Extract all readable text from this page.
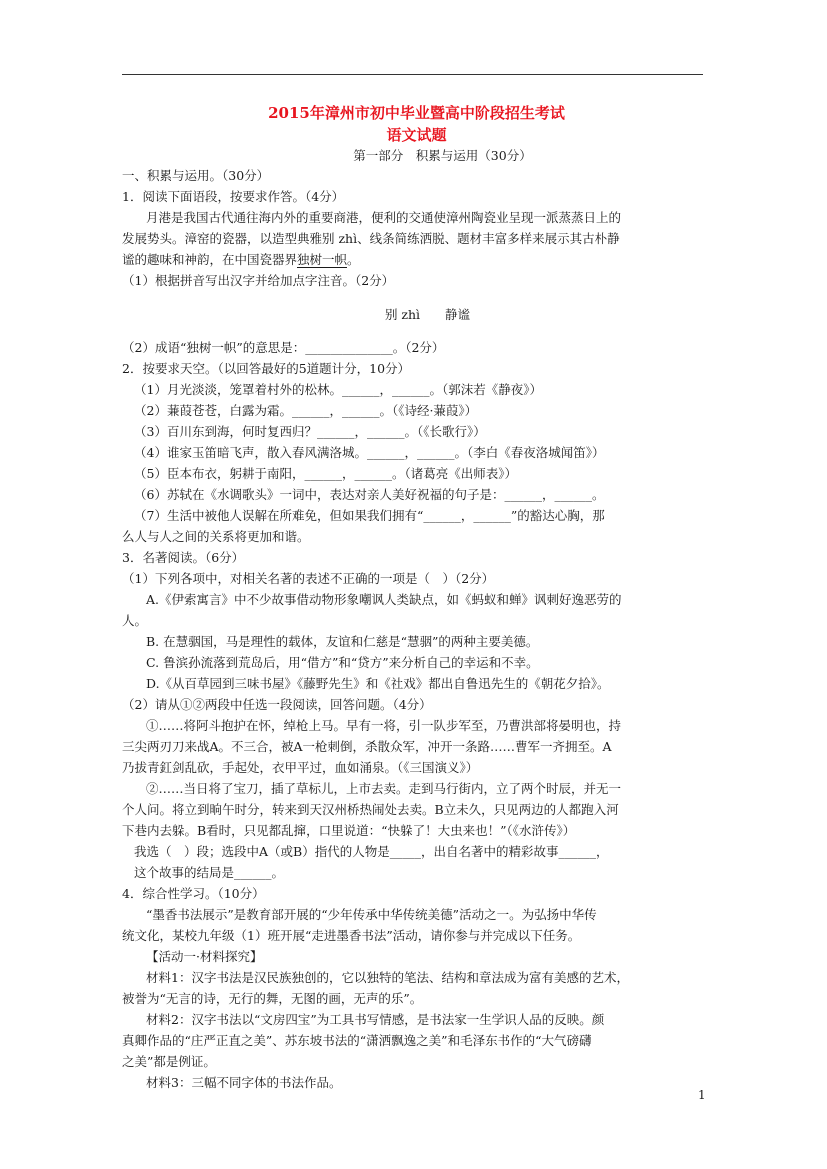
2015年漳州市初中毕业暨高中阶段招生考试
语文试题
第一部分　积累与运用（30分）

一、积累与运用。（30分）

1．阅读下面语段，按要求作答。（4分）

月港是我国古代通往海内外的重要商港，便利的交通使漳州陶瓷业呈现一派蒸蒸日上的

发展势头。漳窑的瓷器，以造型典雅别 zhì、线条简练洒脱、题材丰富多样来展示其古朴静

谧的趣味和神韵，在中国瓷器界独树一帜。

（1）根据拼音写出汉字并给加点字注音。（2分）

别 zhì　　静谧

（2）成语“独树一帜”的意思是：______________。（2分）

2．按要求天空。（以回答最好的5道题计分，10分）

（1）月光淡淡，笼罩着村外的松林。______，______。（郭沫若《静夜》）

（2）蒹葭苍苍，白露为霜。______，______。（《诗经·蒹葭》）

（3）百川东到海，何时复西归？______，______。（《长歌行》）

（4）谁家玉笛暗飞声，散入春风满洛城。______，______。（李白《春夜洛城闻笛》）

（5）臣本布衣，躬耕于南阳，______，______。（诸葛亮《出师表》）

（6）苏轼在《水调歌头》一词中，表达对亲人美好祝福的句子是：______，______。

（7）生活中被他人误解在所难免，但如果我们拥有“______，______”的豁达心胸，那

么人与人之间的关系将更加和谐。

3．名著阅读。（6分）

（1）下列各项中，对相关名著的表述不正确的一项是（　）（2分）

A.《伊索寓言》中不少故事借动物形象嘲讽人类缺点，如《蚂蚁和蝉》讽刺好逸恶劳的

人。

B. 在慧骃国，马是理性的载体，友谊和仁慈是“慧骃”的两种主要美德。

C. 鲁滨孙流落到荒岛后，用“借方”和“贷方”来分析自己的幸运和不幸。

D.《从百草园到三味书屋》《藤野先生》和《社戏》都出自鲁迅先生的《朝花夕拾》。

（2）请从①②两段中任选一段阅读，回答问题。（4分）

①……将阿斗抱护在怀，绰枪上马。早有一将，引一队步军至，乃曹洪部将晏明也，持

三尖两刃刀来战A。不三合，被A一枪刺倒，杀散众军，冲开一条路……曹军一齐拥至。A

乃拔青釭剑乱砍，手起处，衣甲平过，血如涌泉。（《三国演义》）

②……当日将了宝刀，插了草标儿，上市去卖。走到马行街内，立了两个时辰，并无一

个人问。将立到晌午时分，转来到天汉州桥热闹处去卖。B立未久，只见两边的人都跑入河

下巷内去躲。B看时，只见都乱撺，口里说道：“快躲了！大虫来也！”（《水浒传》）

我选（　）段；选段中A（或B）指代的人物是_____，出自名著中的精彩故事______，

这个故事的结局是______。

4．综合性学习。（10分）

“墨香书法展示”是教育部开展的“少年传承中华传统美德”活动之一。为弘扬中华传

统文化，某校九年级（1）班开展“走进墨香书法”活动，请你参与并完成以下任务。

【活动一·材料探究】

材料1：汉字书法是汉民族独创的，它以独特的笔法、结构和章法成为富有美感的艺术，

被誉为“无言的诗，无行的舞，无图的画，无声的乐”。

材料2：汉字书法以“文房四宝”为工具书写情感，是书法家一生学识人品的反映。颜

真卿作品的“庄严正直之美”、苏东坡书法的“潇洒飘逸之美”和毛泽东书作的“大气磅礴

之美”都是例证。

材料3：三幅不同字体的书法作品。

1
